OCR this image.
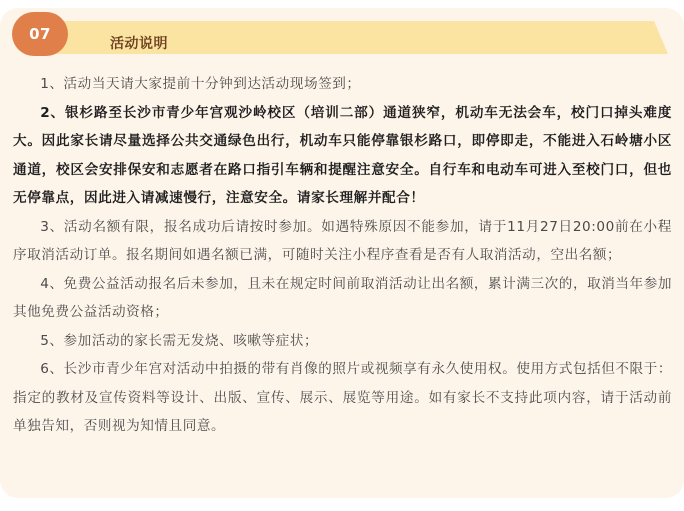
活动说明
07

1、活动当天请大家提前十分钟到达活动现场签到；

2、银杉路至长沙市青少年宫观沙岭校区（培训二部）通道狭窄，机动车无法会车，校门口掉头难度大。因此家长请尽量选择公共交通绿色出行，机动车只能停靠银杉路口，即停即走，不能进入石岭塘小区通道，校区会安排保安和志愿者在路口指引车辆和提醒注意安全。自行车和电动车可进入至校门口，但也无停靠点，因此进入请减速慢行，注意安全。请家长理解并配合！

3、活动名额有限，报名成功后请按时参加。如遇特殊原因不能参加，请于11月27日20:00前在小程序取消活动订单。报名期间如遇名额已满，可随时关注小程序查看是否有人取消活动，空出名额；

4、免费公益活动报名后未参加，且未在规定时间前取消活动让出名额，累计满三次的，取消当年参加其他免费公益活动资格；

5、参加活动的家长需无发烧、咳嗽等症状；

6、长沙市青少年宫对活动中拍摄的带有肖像的照片或视频享有永久使用权。使用方式包括但不限于：指定的教材及宣传资料等设计、出版、宣传、展示、展览等用途。如有家长不支持此项内容，请于活动前单独告知，否则视为知情且同意。
